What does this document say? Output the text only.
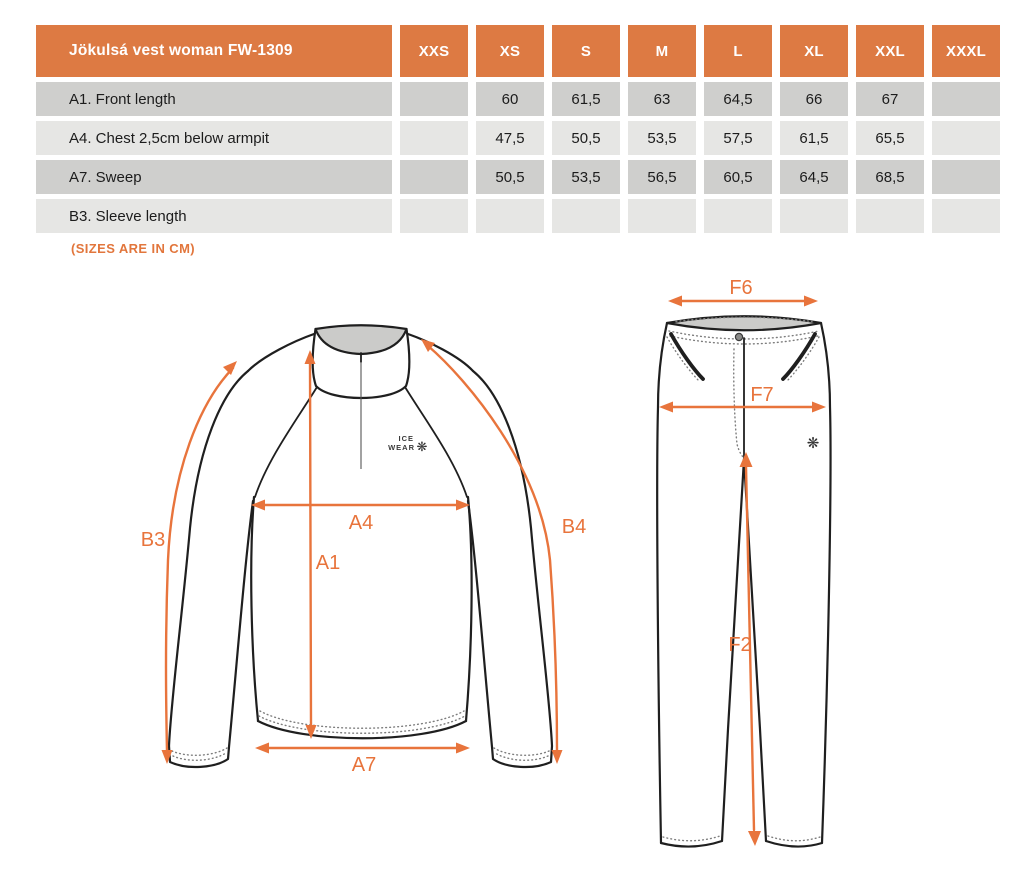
Jökulsá vest woman FW-1309	XXS	XS	S	M	L	XL	XXL	XXXL
A1. Front length		60	61,5	63	64,5	66	67	
A4. Chest 2,5cm below armpit		47,5	50,5	53,5	57,5	61,5	65,5	
A7. Sweep		50,5	53,5	56,5	60,5	64,5	68,5	
B3. Sleeve length								
(SIZES ARE IN CM)
ICE
WEAR ❋
A1
A4
A7
B3
B4
❋
F6
F7
F2
